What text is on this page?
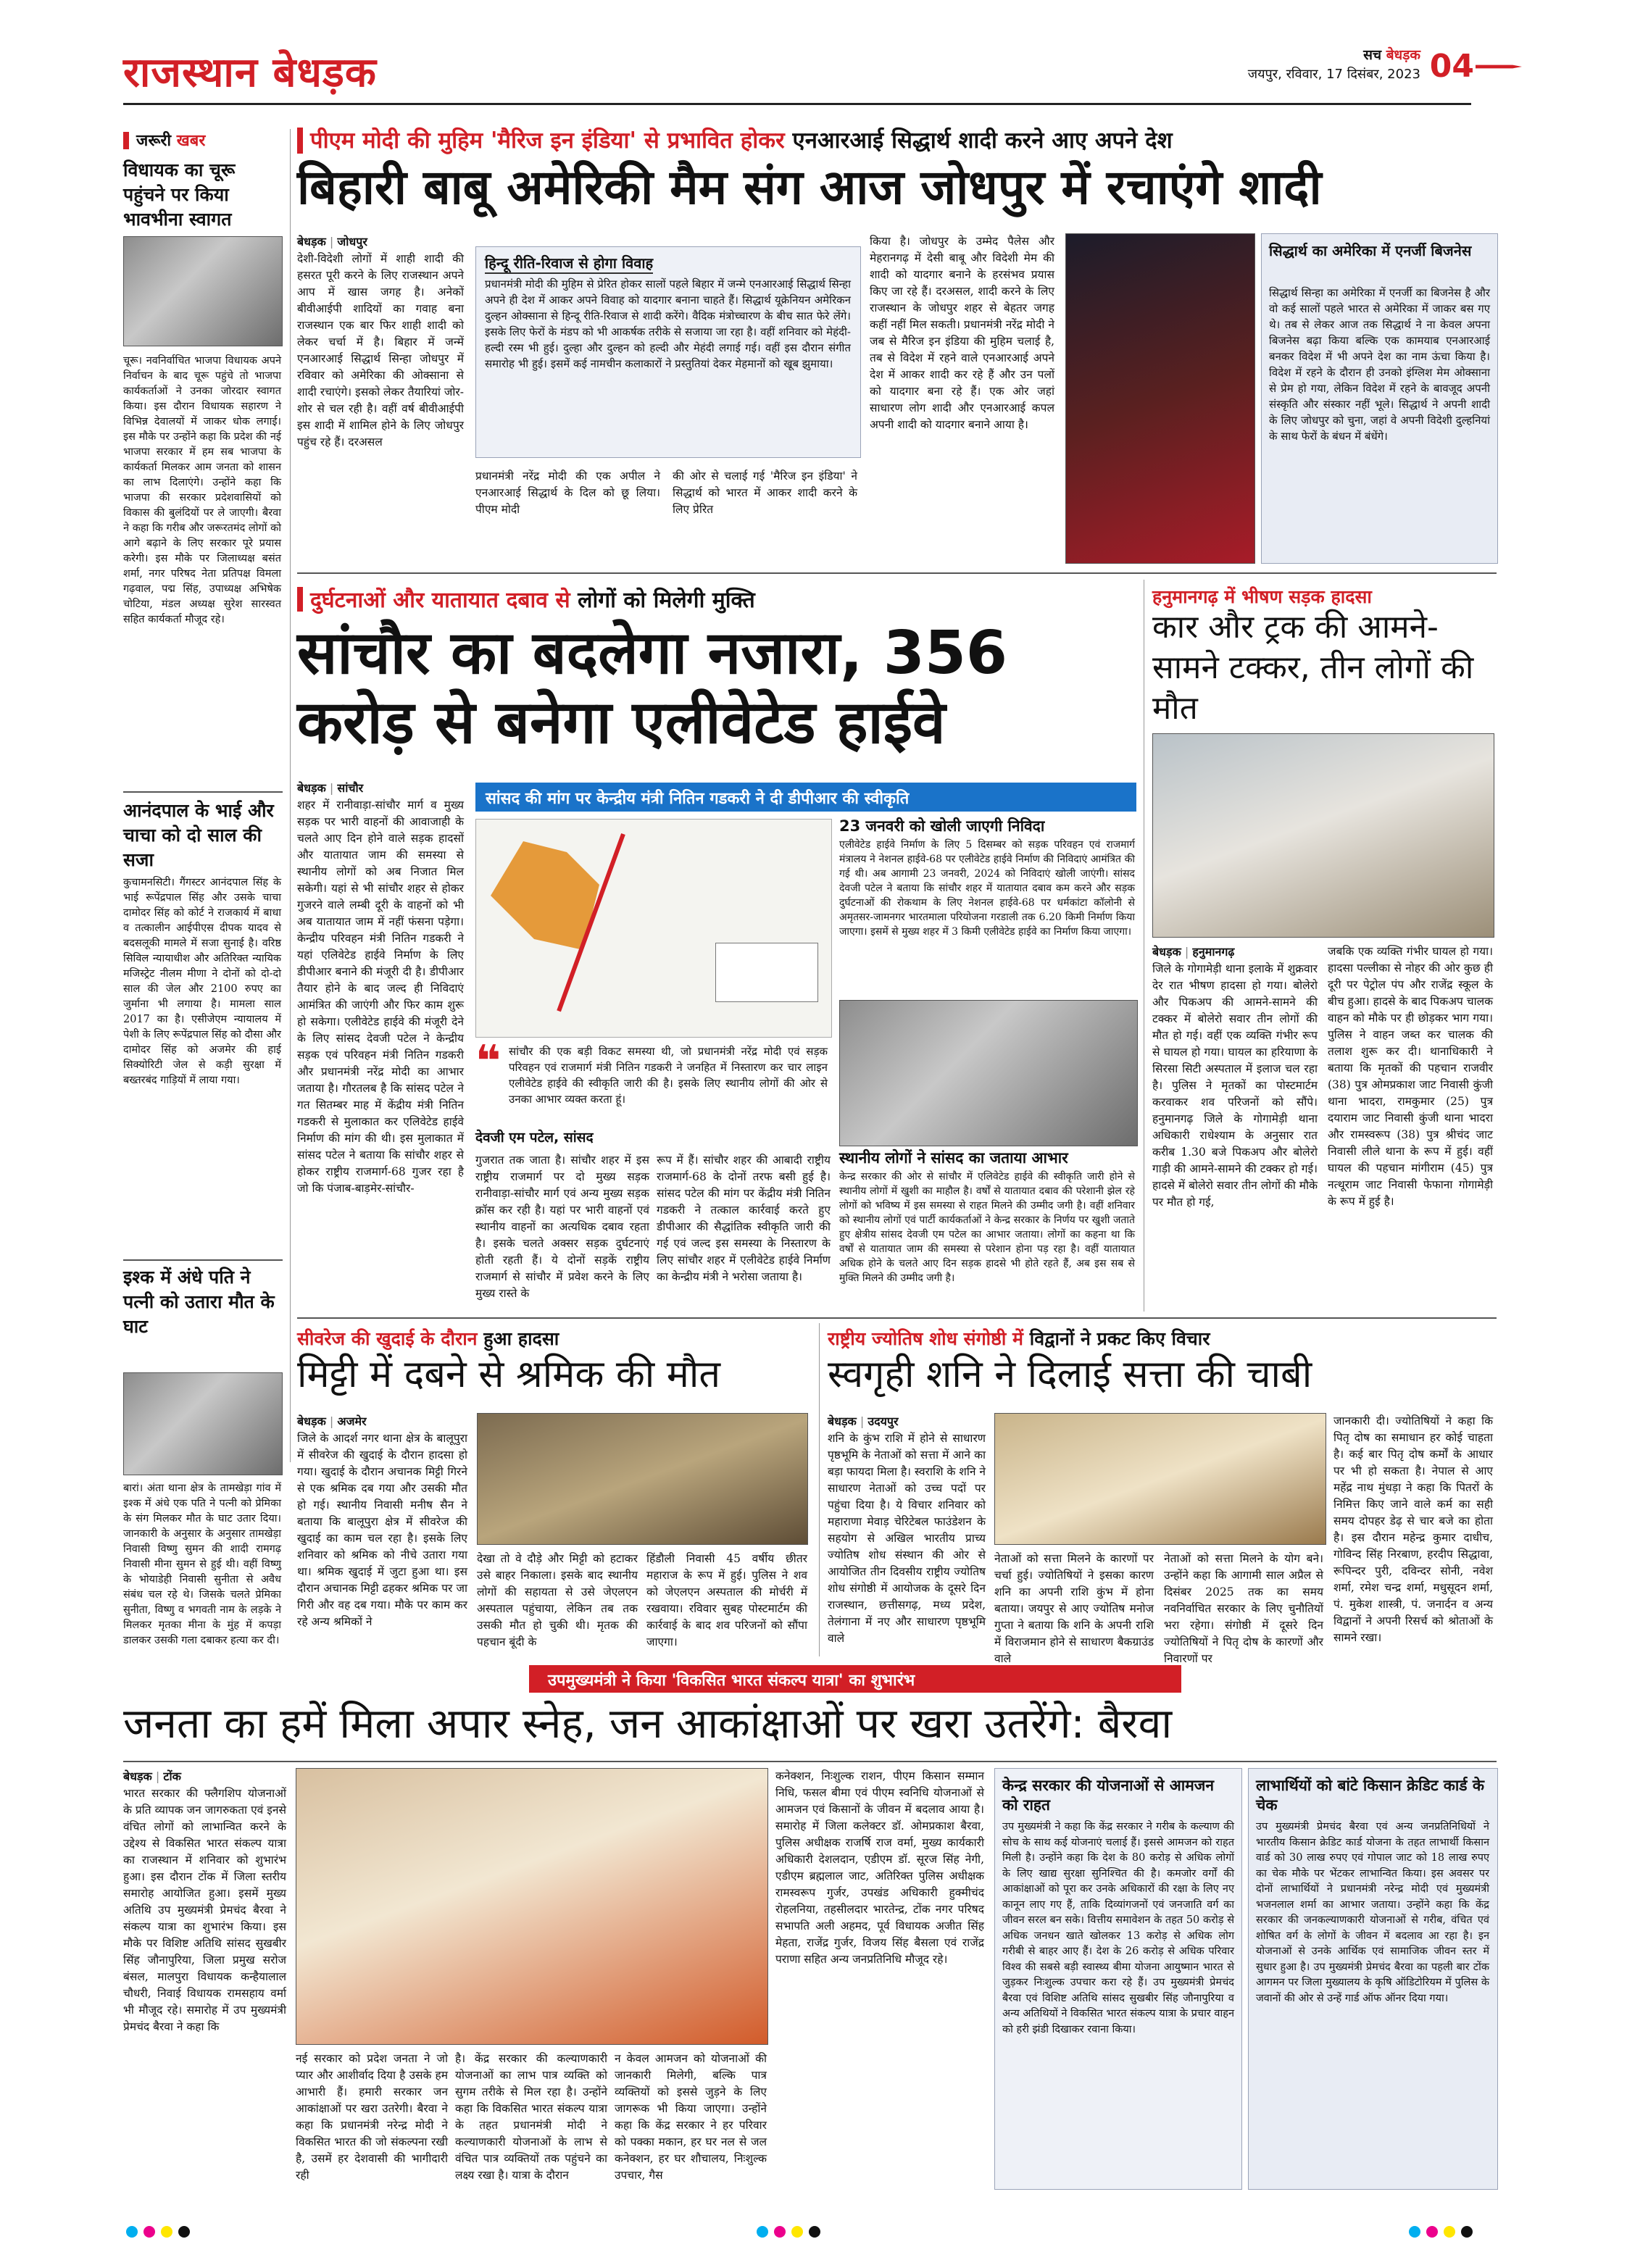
राजस्थान बेधड़क	सच बेधड़क
जयपुर, रविवार, 17 दिसंबर, 2023 04
जरूरी खबर
विधायक का चूरू पहुंचने पर किया भावभीना स्वागत
चूरू। नवनिर्वाचित भाजपा विधायक अपने निर्वाचन के बाद चूरू पहुंचे तो भाजपा कार्यकर्ताओं ने उनका जोरदार स्वागत किया। इस दौरान विधायक सहारण ने विभिन्न देवालयों में जाकर धोक लगाई। इस मौके पर उन्होंने कहा कि प्रदेश की नई भाजपा सरकार में हम सब भाजपा के कार्यकर्ता मिलकर आम जनता को शासन का लाभ दिलाएंगे। उन्होंने कहा कि भाजपा की सरकार प्रदेशवासियों को विकास की बुलंदियों पर ले जाएगी। बैरवा ने कहा कि गरीब और जरूरतमंद लोगों को आगे बढ़ाने के लिए सरकार पूरे प्रयास करेगी। इस मौके पर जिलाध्यक्ष बसंत शर्मा, नगर परिषद नेता प्रतिपक्ष विमला गढ़वाल, पद्म सिंह, उपाध्यक्ष अभिषेक चोटिया, मंडल अध्यक्ष सुरेश सारस्वत सहित कार्यकर्ता मौजूद रहे।
आनंदपाल के भाई और चाचा को दो साल की सजा
कुचामनसिटी। गैंगस्टर आनंदपाल सिंह के भाई रूपेंद्रपाल सिंह और उसके चाचा दामोदर सिंह को कोर्ट ने राजकार्य में बाधा व तत्कालीन आईपीएस दीपक यादव से बदसलूकी मामले में सजा सुनाई है। वरिष्ठ सिविल न्यायाधीश और अतिरिक्त न्यायिक मजिस्ट्रेट नीलम मीणा ने दोनों को दो-दो साल की जेल और 2100 रुपए का जुर्माना भी लगाया है। मामला साल 2017 का है। एसीजेएम न्यायालय में पेशी के लिए रूपेंद्रपाल सिंह को दौसा और दामोदर सिंह को अजमेर की हाई सिक्योरिटी जेल से कड़ी सुरक्षा में बख्तरबंद गाड़ियों में लाया गया।
इश्क में अंधे पति ने पत्नी को उतारा मौत के घाट
बारां। अंता थाना क्षेत्र के तामखेड़ा गांव में इश्क में अंधे एक पति ने पत्नी को प्रेमिका के संग मिलकर मौत के घाट उतार दिया। जानकारी के अनुसार के अनुसार तामखेड़ा निवासी विष्णु सुमन की शादी रामगढ़ निवासी मीना सुमन से हुई थी। वहीं विष्णु के भोयाडेही निवासी सुनीता से अवैध संबंध चल रहे थे। जिसके चलते प्रेमिका सुनीता, विष्णु व भगवती नाम के लड़के ने मिलकर मृतका मीना के मुंह में कपड़ा डालकर उसकी गला दबाकर हत्या कर दी।
पीएम मोदी की मुहिम 'मैरिज इन इंडिया' से प्रभावित होकर एनआरआई सिद्धार्थ शादी करने आए अपने देश
बिहारी बाबू अमेरिकी मैम संग आज जोधपुर में रचाएंगे शादी
बेधड़क | जोधपुर
देशी-विदेशी लोगों में शाही शादी की हसरत पूरी करने के लिए राजस्थान अपने आप में खास जगह है। अनेकों बीवीआईपी शादियों का गवाह बना राजस्थान एक बार फिर शाही शादी को लेकर चर्चा में है। बिहार में जन्में एनआरआई सिद्धार्थ सिन्हा जोधपुर में रविवार को अमेरिका की ओक्साना से शादी रचाएंगे। इसको लेकर तैयारियां जोर-शोर से चल रही है। वहीं वर्ष बीवीआईपी इस शादी में शामिल होने के लिए जोधपुर पहुंच रहे हैं। दरअसल
हिन्दू रीति-रिवाज से होगा विवाह
प्रधानमंत्री मोदी की मुहिम से प्रेरित होकर सालों पहले बिहार में जन्मे एनआरआई सिद्धार्थ सिन्हा अपने ही देश में आकर अपने विवाह को यादगार बनाना चाहते हैं। सिद्धार्थ यूक्रेनियन अमेरिकन दुल्हन ओक्साना से हिन्दू रीति-रिवाज से शादी करेंगे। वैदिक मंत्रोच्चारण के बीच सात फेरे लेंगे। इसके लिए फेरों के मंडप को भी आकर्षक तरीके से सजाया जा रहा है। वहीं शनिवार को मेहंदी-हल्दी रस्म भी हुई। दुल्हा और दुल्हन को हल्दी और मेहंदी लगाई गई। वहीं इस दौरान संगीत समारोह भी हुई। इसमें कई नामचीन कलाकारों ने प्रस्तुतियां देकर मेहमानों को खूब झुमाया।
प्रधानमंत्री नरेंद्र मोदी की एक अपील ने एनआरआई सिद्धार्थ के दिल को छू लिया। पीएम मोदी
की ओर से चलाई गई 'मैरिज इन इंडिया' ने सिद्धार्थ को भारत में आकर शादी करने के लिए प्रेरित
किया है। जोधपुर के उम्मेद पैलेस और मेहरानगढ़ में देसी बाबू और विदेशी मेम की शादी को यादगार बनाने के हरसंभव प्रयास किए जा रहे हैं। दरअसल, शादी करने के लिए राजस्थान के जोधपुर शहर से बेहतर जगह कहीं नहीं मिल सकती। प्रधानमंत्री नरेंद्र मोदी ने जब से मैरिज इन इंडिया की मुहिम चलाई है, तब से विदेश में रहने वाले एनआरआई अपने देश में आकर शादी कर रहे हैं और उन पलों को यादगार बना रहे हैं। एक ओर जहां साधारण लोग शादी और एनआरआई कपल अपनी शादी को यादगार बनाने आया है।
सिद्धार्थ का अमेरिका में एनर्जी बिजनेस
सिद्धार्थ सिन्हा का अमेरिका में एनर्जी का बिजनेस है और वो कई सालों पहले भारत से अमेरिका में जाकर बस गए थे। तब से लेकर आज तक सिद्धार्थ ने ना केवल अपना बिजनेस बढ़ा किया बल्कि एक कामयाब एनआरआई बनकर विदेश में भी अपने देश का नाम ऊंचा किया है। विदेश में रहने के दौरान ही उनको इंग्लिश मेम ओक्साना से प्रेम हो गया, लेकिन विदेश में रहने के बावजूद अपनी संस्कृति और संस्कार नहीं भूले। सिद्धार्थ ने अपनी शादी के लिए जोधपुर को चुना, जहां वे अपनी विदेशी दुल्हनियां के साथ फेरों के बंधन में बंधेंगे।
दुर्घटनाओं और यातायात दबाव से लोगों को मिलेगी मुक्ति
सांचौर का बदलेगा नजारा, 356 करोड़ से बनेगा एलीवेटेड हाईवे
बेधड़क | सांचौर
शहर में रानीवाड़ा-सांचौर मार्ग व मुख्य सड़क पर भारी वाहनों की आवाजाही के चलते आए दिन होने वाले सड़क हादसों और यातायात जाम की समस्या से स्थानीय लोगों को अब निजात मिल सकेगी। यहां से भी सांचौर शहर से होकर गुजरने वाले लम्बी दूरी के वाहनों को भी अब यातायात जाम में नहीं फंसना पड़ेगा। केन्द्रीय परिवहन मंत्री नितिन गडकरी ने यहां एलिवेटेड हाईवे निर्माण के लिए डीपीआर बनाने की मंजूरी दी है। डीपीआर तैयार होने के बाद जल्द ही निविदाएं आमंत्रित की जाएंगी और फिर काम शुरू हो सकेगा। एलीवेटेड हाईवे की मंजूरी देने के लिए सांसद देवजी पटेल ने केन्द्रीय सड़क एवं परिवहन मंत्री नितिन गडकरी और प्रधानमंत्री नरेंद्र मोदी का आभार जताया है। गौरतलब है कि सांसद पटेल ने गत सितम्बर माह में केंद्रीय मंत्री नितिन गडकरी से मुलाकात कर एलिवेटेड हाईवे निर्माण की मांग की थी। इस मुलाकात में सांसद पटेल ने बताया कि सांचौर शहर से होकर राष्ट्रीय राजमार्ग-68 गुजर रहा है जो कि पंजाब-बाड़मेर-सांचौर-
सांसद की मांग पर केन्द्रीय मंत्री नितिन गडकरी ने दी डीपीआर की स्वीकृति
❝ सांचौर की एक बड़ी विकट समस्या थी, जो प्रधानमंत्री नरेंद्र मोदी एवं सड़क परिवहन एवं राजमार्ग मंत्री नितिन गडकरी ने जनहित में निस्तारण कर चार लाइन एलीवेटेड हाईवे की स्वीकृति जारी की है। इसके लिए स्थानीय लोगों की ओर से उनका आभार व्यक्त करता हूं।
देवजी एम पटेल, सांसद
23 जनवरी को खोली जाएगी निविदा
एलीवेटेड हाईवे निर्माण के लिए 5 दिसम्बर को सड़क परिवहन एवं राजमार्ग मंत्रालय ने नेशनल हाईवे-68 पर एलीवेटेड हाईवे निर्माण की निविदाएं आमंत्रित की गई थी। अब आगामी 23 जनवरी, 2024 को निविदाएं खोली जाएंगी। सांसद देवजी पटेल ने बताया कि सांचौर शहर में यातायात दबाव कम करने और सड़क दुर्घटनाओं की रोकथाम के लिए नेशनल हाईवे-68 पर धर्मकांटा कॉलोनी से अमृतसर-जामनगर भारतमाला परियोजना गरडाली तक 6.20 किमी निर्माण किया जाएगा। इसमें से मुख्य शहर में 3 किमी एलीवेटेड हाईवे का निर्माण किया जाएगा।
स्थानीय लोगों ने सांसद का जताया आभार
केन्द्र सरकार की ओर से सांचौर में एलिवेटेड हाईवे की स्वीकृति जारी होने से स्थानीय लोगों में खुशी का माहौल है। वर्षों से यातायात दबाव की परेशानी झेल रहे लोगों को भविष्य में इस समस्या से राहत मिलने की उम्मीद जगी है। वहीं शनिवार को स्थानीय लोगों एवं पार्टी कार्यकर्ताओं ने केन्द्र सरकार के निर्णय पर खुशी जताते हुए क्षेत्रीय सांसद देवजी एम पटेल का आभार जताया। लोगों का कहना था कि वर्षों से यातायात जाम की समस्या से परेशान होना पड़ रहा है। वहीं यातायात अधिक होने के चलते आए दिन सड़क हादसे भी होते रहते हैं, अब इस सब से मुक्ति मिलने की उम्मीद जगी है।
गुजरात तक जाता है। सांचौर शहर में इस राष्ट्रीय राजमार्ग पर दो मुख्य सड़क रानीवाड़ा-सांचौर मार्ग एवं अन्य मुख्य सड़क क्रॉस कर रही है। यहां पर भारी वाहनों एवं स्थानीय वाहनों का अत्यधिक दबाव रहता है। इसके चलते अक्सर सड़क दुर्घटनाएं होती रहती हैं। ये दोनों सड़कें राष्ट्रीय राजमार्ग से सांचौर में प्रवेश करने के लिए मुख्य रास्ते के
रूप में हैं। सांचौर शहर की आबादी राष्ट्रीय राजमार्ग-68 के दोनों तरफ बसी हुई है। सांसद पटेल की मांग पर केंद्रीय मंत्री नितिन गडकरी ने तत्काल कार्रवाई करते हुए डीपीआर की सैद्धांतिक स्वीकृति जारी की गई एवं जल्द इस समस्या के निस्तारण के लिए सांचौर शहर में एलीवेटेड हाईवे निर्माण का केन्द्रीय मंत्री ने भरोसा जताया है।
हनुमानगढ़ में भीषण सड़क हादसा
कार और ट्रक की आमने-सामने टक्कर, तीन लोगों की मौत
बेधड़क | हनुमानगढ़
जिले के गोगामेड़ी थाना इलाके में शुक्रवार देर रात भीषण हादसा हो गया। बोलेरो और पिकअप की आमने-सामने की टक्कर में बोलेरो सवार तीन लोगों की मौत हो गई। वहीं एक व्यक्ति गंभीर रूप से घायल हो गया। घायल का हरियाणा के सिरसा सिटी अस्पताल में इलाज चल रहा है। पुलिस ने मृतकों का पोस्टमार्टम करवाकर शव परिजनों को सौंपे। हनुमानगढ़ जिले के गोगामेड़ी थाना अधिकारी राधेश्याम के अनुसार रात करीब 1.30 बजे पिकअप और बोलेरो गाड़ी की आमने-सामने की टक्कर हो गई। हादसे में बोलेरो सवार तीन लोगों की मौके पर मौत हो गई,
जबकि एक व्यक्ति गंभीर घायल हो गया। हादसा पल्लीका से नोहर की ओर कुछ ही दूरी पर पेट्रोल पंप और राजेंद्र स्कूल के बीच हुआ। हादसे के बाद पिकअप चालक वाहन को मौके पर ही छोड़कर भाग गया। पुलिस ने वाहन जब्त कर चालक की तलाश शुरू कर दी। थानाधिकारी ने बताया कि मृतकों की पहचान राजवीर (38) पुत्र ओमप्रकाश जाट निवासी कुंजी थाना भादरा, रामकुमार (25) पुत्र दयाराम जाट निवासी कुंजी थाना भादरा और रामस्वरूप (38) पुत्र श्रीचंद जाट निवासी लीले थाना के रूप में हुई। वहीं घायल की पहचान मांगीराम (45) पुत्र नत्थूराम जाट निवासी फेफाना गोगामेड़ी के रूप में हुई है।
सीवरेज की खुदाई के दौरान हुआ हादसा
मिट्टी में दबने से श्रमिक की मौत
बेधड़क | अजमेर
जिले के आदर्श नगर थाना क्षेत्र के बालूपुरा में सीवरेज की खुदाई के दौरान हादसा हो गया। खुदाई के दौरान अचानक मिट्टी गिरने से एक श्रमिक दब गया और उसकी मौत हो गई। स्थानीय निवासी मनीष सैन ने बताया कि बालूपुरा क्षेत्र में सीवरेज की खुदाई का काम चल रहा है। इसके लिए शनिवार को श्रमिक को नीचे उतारा गया था। श्रमिक खुदाई में जुटा हुआ था। इस दौरान अचानक मिट्टी ढहकर श्रमिक पर जा गिरी और वह दब गया। मौके पर काम कर रहे अन्य श्रमिकों ने
देखा तो वे दौड़े और मिट्टी को हटाकर उसे बाहर निकाला। इसके बाद स्थानीय लोगों की सहायता से उसे जेएलएन अस्पताल पहुंचाया, लेकिन तब तक उसकी मौत हो चुकी थी। मृतक की पहचान बूंदी के
हिंडौली निवासी 45 वर्षीय छीतर महाराज के रूप में हुई। पुलिस ने शव को जेएलएन अस्पताल की मोर्चरी में रखवाया। रविवार सुबह पोस्टमार्टम की कार्रवाई के बाद शव परिजनों को सौंपा जाएगा।
राष्ट्रीय ज्योतिष शोध संगोष्ठी में विद्वानों ने प्रकट किए विचार
स्वगृही शनि ने दिलाई सत्ता की चाबी
बेधड़क | उदयपुर
शनि के कुंभ राशि में होने से साधारण पृष्ठभूमि के नेताओं को सत्ता में आने का बड़ा फायदा मिला है। स्वराशि के शनि ने साधारण नेताओं को उच्च पदों पर पहुंचा दिया है। ये विचार शनिवार को महाराणा मेवाड़ चेरिटेबल फाउंडेशन के सहयोग से अखिल भारतीय प्राच्य ज्योतिष शोध संस्थान की ओर से आयोजित तीन दिवसीय राष्ट्रीय ज्योतिष शोध संगोष्ठी में आयोजक के दूसरे दिन राजस्थान, छत्तीसगढ़, मध्य प्रदेश, तेलंगाना में नए और साधारण पृष्ठभूमि वाले
नेताओं को सत्ता मिलने के कारणों पर चर्चा हुई। ज्योतिषियों ने इसका कारण शनि का अपनी राशि कुंभ में होना बताया। जयपुर से आए ज्योतिष मनोज गुप्ता ने बताया कि शनि के अपनी राशि में विराजमान होने से साधारण बैकग्राउंड वाले
नेताओं को सत्ता मिलने के योग बने। उन्होंने कहा कि आगामी साल अप्रैल से दिसंबर 2025 तक का समय नवनिर्वाचित सरकार के लिए चुनौतियों भरा रहेगा। संगोष्ठी में दूसरे दिन ज्योतिषियों ने पितृ दोष के कारणों और निवारणों पर
जानकारी दी। ज्योतिषियों ने कहा कि पितृ दोष का समाधान हर कोई चाहता है। कई बार पितृ दोष कर्मों के आधार पर भी हो सकता है। नेपाल से आए महेंद्र नाथ मुंधड़ा ने कहा कि पितरों के निमित्त किए जाने वाले कर्म का सही समय दोपहर डेढ़ से चार बजे का होता है। इस दौरान महेन्द्र कुमार दाधीच, गोविन्द सिंह निरबाण, हरदीप सिद्धावा, रूपिन्दर पुरी, दविन्दर सोनी, नवेश शर्मा, रमेश चन्द्र शर्मा, मधुसूदन शर्मा, पं. मुकेश शास्त्री, पं. जनार्दन व अन्य विद्वानों ने अपनी रिसर्च को श्रोताओं के सामने रखा।
उपमुख्यमंत्री ने किया 'विकसित भारत संकल्प यात्रा' का शुभारंभ
जनता का हमें मिला अपार स्नेह, जन आकांक्षाओं पर खरा उतरेंगे: बैरवा
बेधड़क | टोंक
भारत सरकार की फ्लैगशिप योजनाओं के प्रति व्यापक जन जागरुकता एवं इनसे वंचित लोगों को लाभान्वित करने के उद्देश्य से विकसित भारत संकल्प यात्रा का राजस्थान में शनिवार को शुभारंभ हुआ। इस दौरान टोंक में जिला स्तरीय समारोह आयोजित हुआ। इसमें मुख्य अतिथि उप मुख्यमंत्री प्रेमचंद बैरवा ने संकल्प यात्रा का शुभारंभ किया। इस मौके पर विशिष्ट अतिथि सांसद सुखबीर सिंह जौनापुरिया, जिला प्रमुख सरोज बंसल, मालपुरा विधायक कन्हैयालाल चौधरी, निवाई विधायक रामसहाय वर्मा भी मौजूद रहे। समारोह में उप मुख्यमंत्री प्रेमचंद बैरवा ने कहा कि
नई सरकार को प्रदेश जनता ने जो प्यार और आशीर्वाद दिया है उसके हम आभारी हैं। हमारी सरकार जन आकांक्षाओं पर खरा उतरेगी। बैरवा ने कहा कि प्रधानमंत्री नरेन्द्र मोदी ने विकसित भारत की जो संकल्पना रखी है, उसमें हर देशवासी की भागीदारी रही
है। केंद्र सरकार की कल्याणकारी योजनाओं का लाभ पात्र व्यक्ति को सुगम तरीके से मिल रहा है। उन्होंने कहा कि विकसित भारत संकल्प यात्रा के तहत प्रधानमंत्री मोदी ने कल्याणकारी योजनाओं के लाभ से वंचित पात्र व्यक्तियों तक पहुंचने का लक्ष्य रखा है। यात्रा के दौरान
न केवल आमजन को योजनाओं की जानकारी मिलेगी, बल्कि पात्र व्यक्तियों को इससे जुड़ने के लिए जागरूक भी किया जाएगा। उन्होंने कहा कि केंद्र सरकार ने हर परिवार को पक्का मकान, हर घर नल से जल कनेक्शन, हर घर शौचालय, निःशुल्क उपचार, गैस
कनेक्शन, निःशुल्क राशन, पीएम किसान सम्मान निधि, फसल बीमा एवं पीएम स्वनिधि योजनाओं से आमजन एवं किसानों के जीवन में बदलाव आया है। समारोह में जिला कलेक्टर डॉ. ओमप्रकाश बैरवा, पुलिस अधीक्षक राजर्षि राज वर्मा, मुख्य कार्यकारी अधिकारी देशलदान, एडीएम डॉ. सूरज सिंह नेगी, एडीएम ब्रह्मलाल जाट, अतिरिक्त पुलिस अधीक्षक रामस्वरूप गुर्जर, उपखंड अधिकारी हुक्मीचंद रोहलनिया, तहसीलदार भारतेन्द्र, टोंक नगर परिषद सभापति अली अहमद, पूर्व विधायक अजीत सिंह मेहता, राजेंद्र गुर्जर, विजय सिंह बैसला एवं राजेंद्र पराणा सहित अन्य जनप्रतिनिधि मौजूद रहे।
केन्द्र सरकार की योजनाओं से आमजन को राहत
उप मुख्यमंत्री ने कहा कि केंद्र सरकार ने गरीब के कल्याण की सोच के साथ कई योजनाएं चलाई हैं। इससे आमजन को राहत मिली है। उन्होंने कहा कि देश के 80 करोड़ से अधिक लोगों के लिए खाद्य सुरक्षा सुनिश्चित की है। कमजोर वर्गों की आकांक्षाओं को पूरा कर उनके अधिकारों की रक्षा के लिए नए कानून लाए गए हैं, ताकि दिव्यांगजनों एवं जनजाति वर्ग का जीवन सरल बन सके। वित्तीय समावेशन के तहत 50 करोड़ से अधिक जनधन खाते खोलकर 13 करोड़ से अधिक लोग गरीबी से बाहर आए हैं। देश के 26 करोड़ से अधिक परिवार विश्व की सबसे बड़ी स्वास्थ्य बीमा योजना आयुष्मान भारत से जुड़कर निःशुल्क उपचार करा रहे हैं। उप मुख्यमंत्री प्रेमचंद बैरवा एवं विशिष्ट अतिथि सांसद सुखबीर सिंह जौनापुरिया व अन्य अतिथियों ने विकसित भारत संकल्प यात्रा के प्रचार वाहन को हरी झंडी दिखाकर रवाना किया।
लाभार्थियों को बांटे किसान क्रेडिट कार्ड के चेक
उप मुख्यमंत्री प्रेमचंद बैरवा एवं अन्य जनप्रतिनिधियों ने भारतीय किसान क्रेडिट कार्ड योजना के तहत लाभार्थी किसान वार्ड को 30 लाख रुपए एवं गोपाल जाट को 18 लाख रुपए का चेक मौके पर भेंटकर लाभान्वित किया। इस अवसर पर दोनों लाभार्थियों ने प्रधानमंत्री नरेन्द्र मोदी एवं मुख्यमंत्री भजनलाल शर्मा का आभार जताया। उन्होंने कहा कि केंद्र सरकार की जनकल्याणकारी योजनाओं से गरीब, वंचित एवं शोषित वर्ग के लोगों के जीवन में बदलाव आ रहा है। इन योजनाओं से उनके आर्थिक एवं सामाजिक जीवन स्तर में सुधार हुआ है। उप मुख्यमंत्री प्रेमचंद बैरवा का पहली बार टोंक आगमन पर जिला मुख्यालय के कृषि ऑडिटोरियम में पुलिस के जवानों की ओर से उन्हें गार्ड ऑफ ऑनर दिया गया।
